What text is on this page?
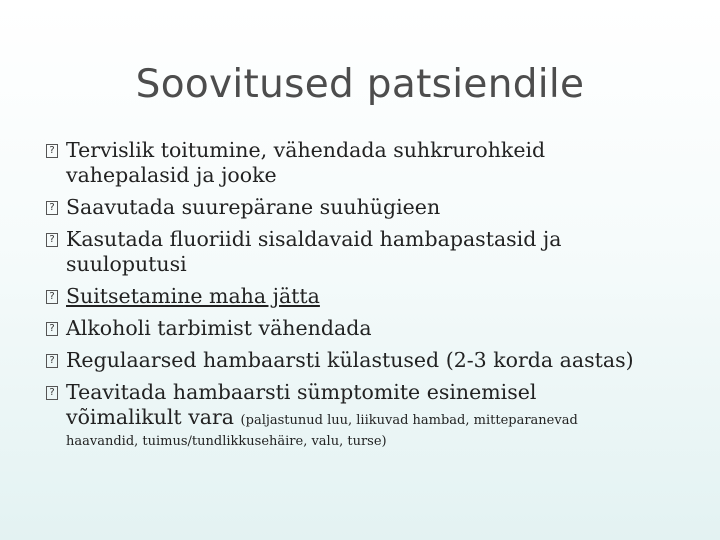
Soovitused patsiendile
? Tervislik toitumine, vähendada suhkrurohkeid
vahepalasid ja jooke
? Saavutada suurepärane suuhügieen
? Kasutada fluoriidi sisaldavaid hambapastasid ja
suuloputusi
? Suitsetamine maha jätta
? Alkoholi tarbimist vähendada
? Regulaarsed hambaarsti külastused (2-3 korda aastas)
? Teavitada hambaarsti sümptomite esinemisel
võimalikult vara (paljastunud luu, liikuvad hambad, mitteparanevad
haavandid, tuimus/tundlikkusehäire, valu, turse)
